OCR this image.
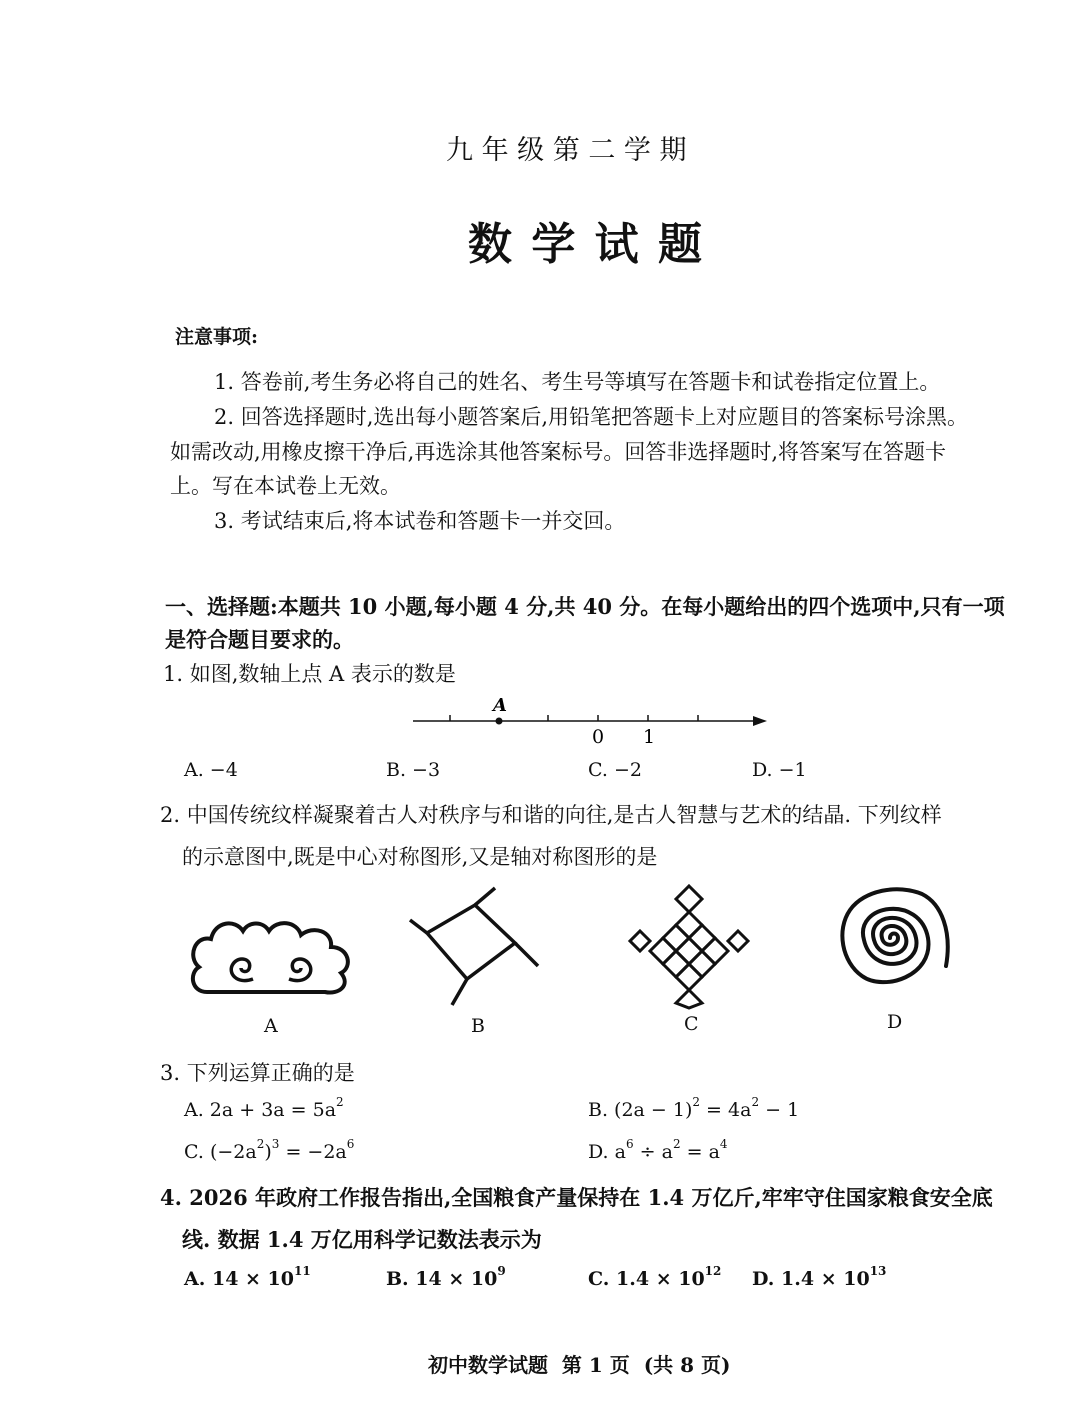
九 年 级 第 二 学 期
数 学 试 题
注意事项:
1. 答卷前,考生务必将自己的姓名、考生号等填写在答题卡和试卷指定位置上。
2. 回答选择题时,选出每小题答案后,用铅笔把答题卡上对应题目的答案标号涂黑。
如需改动,用橡皮擦干净后,再选涂其他答案标号。回答非选择题时,将答案写在答题卡
上。写在本试卷上无效。
3. 考试结束后,将本试卷和答题卡一并交回。
一、选择题:本题共 10 小题,每小题 4 分,共 40 分。在每小题给出的四个选项中,只有一项
是符合题目要求的。
1. 如图,数轴上点 A 表示的数是
A
0 1
A. −4	B. −3	C. −2	D. −1
2. 中国传统纹样凝聚着古人对秩序与和谐的向往,是古人智慧与艺术的结晶. 下列纹样
的示意图中,既是中心对称图形,又是轴对称图形的是
A	B	C	D
3. 下列运算正确的是
A. $2a + 3a = 5a^2$	B. $(2a - 1)^2 = 4a^2 - 1$
C. $(-2a^2)^3 = -2a^6$	D. $a^6 \div a^2 = a^4$
4. 2026 年政府工作报告指出,全国粮食产量保持在 1.4 万亿斤,牢牢守住国家粮食安全底
线. 数据 1.4 万亿用科学记数法表示为
A. $14 \times 10^{11}$	B. $14 \times 10^9$	C. $1.4 \times 10^{12}$ D. $1.4 \times 10^{13}$
初中数学试题  第 1 页  (共 8 页)
